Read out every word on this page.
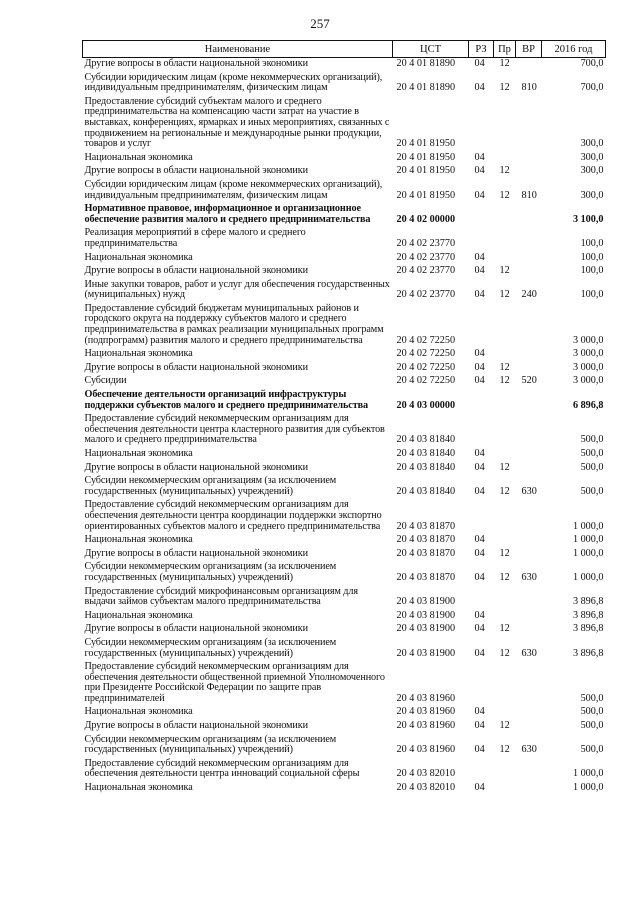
257
Наименование	ЦСТ	РЗ	Пр	ВР	2016 год
Другие вопросы в области национальной экономики	20 4 01 81890	04	12		700,0
Субсидии юридическим лицам (кроме некоммерческих организаций), индивидуальным предпринимателям, физическим лицам	20 4 01 81890	04	12	810	700,0
Предоставление субсидий субъектам малого и среднего предпринимательства на компенсацию части затрат на участие в выставках, конференциях, ярмарках и иных мероприятиях, связанных с продвижением на региональные и международные рынки продукции, товаров и услуг	20 4 01 81950				300,0
Национальная экономика	20 4 01 81950	04			300,0
Другие вопросы в области национальной экономики	20 4 01 81950	04	12		300,0
Субсидии юридическим лицам (кроме некоммерческих организаций), индивидуальным предпринимателям, физическим лицам	20 4 01 81950	04	12	810	300,0
Нормативное правовое, информационное и организационное обеспечение развития малого и среднего предпринимательства	20 4 02 00000				3 100,0
Реализация мероприятий в сфере малого и среднего предпринимательства	20 4 02 23770				100,0
Национальная экономика	20 4 02 23770	04			100,0
Другие вопросы в области национальной экономики	20 4 02 23770	04	12		100,0
Иные закупки товаров, работ и услуг для обеспечения государственных (муниципальных) нужд	20 4 02 23770	04	12	240	100,0
Предоставление субсидий бюджетам муниципальных районов и городского округа на поддержку субъектов малого и среднего предпринимательства в рамках реализации муниципальных программ (подпрограмм) развития малого и среднего предпринимательства	20 4 02 72250				3 000,0
Национальная экономика	20 4 02 72250	04			3 000,0
Другие вопросы в области национальной экономики	20 4 02 72250	04	12		3 000,0
Субсидии	20 4 02 72250	04	12	520	3 000,0
Обеспечение деятельности организаций инфраструктуры поддержки субъектов малого и среднего предпринимательства	20 4 03 00000				6 896,8
Предоставление субсидий некоммерческим организациям для обеспечения деятельности центра кластерного развития для субъектов малого и среднего предпринимательства	20 4 03 81840				500,0
Национальная экономика	20 4 03 81840	04			500,0
Другие вопросы в области национальной экономики	20 4 03 81840	04	12		500,0
Субсидии некоммерческим организациям (за исключением государственных (муниципальных) учреждений)	20 4 03 81840	04	12	630	500,0
Предоставление субсидий некоммерческим организациям для обеспечения деятельности центра координации поддержки экспортно ориентированных субъектов малого и среднего предпринимательства	20 4 03 81870				1 000,0
Национальная экономика	20 4 03 81870	04			1 000,0
Другие вопросы в области национальной экономики	20 4 03 81870	04	12		1 000,0
Субсидии некоммерческим организациям (за исключением государственных (муниципальных) учреждений)	20 4 03 81870	04	12	630	1 000,0
Предоставление субсидий микрофинансовым организациям для выдачи займов субъектам малого предпринимательства	20 4 03 81900				3 896,8
Национальная экономика	20 4 03 81900	04			3 896,8
Другие вопросы в области национальной экономики	20 4 03 81900	04	12		3 896,8
Субсидии некоммерческим организациям (за исключением государственных (муниципальных) учреждений)	20 4 03 81900	04	12	630	3 896,8
Предоставление субсидий некоммерческим организациям для обеспечения деятельности общественной приемной Уполномоченного при Президенте Российской Федерации по защите прав предпринимателей	20 4 03 81960				500,0
Национальная экономика	20 4 03 81960	04			500,0
Другие вопросы в области национальной экономики	20 4 03 81960	04	12		500,0
Субсидии некоммерческим организациям (за исключением государственных (муниципальных) учреждений)	20 4 03 81960	04	12	630	500,0
Предоставление субсидий некоммерческим организациям для обеспечения деятельности центра инноваций социальной сферы	20 4 03 82010				1 000,0
Национальная экономика	20 4 03 82010	04			1 000,0
